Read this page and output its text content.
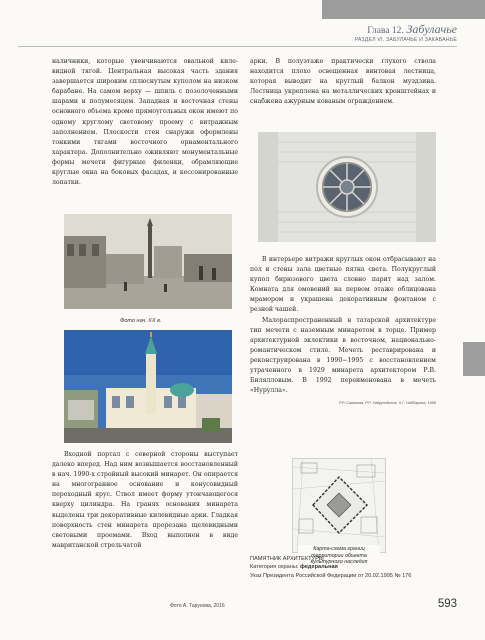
Глава 12. Забулачье
РАЗДЕЛ VI. ЗАБУЛАЧЬЕ И ЗАКАБАНЬЕ

наличники, которые увенчиваются овальной килевидной тягой. Центральная высокая часть здания завершается широким сплюснутым куполом на низком барабане. На самом верху — шпиль с позолоченными шарами и полумесяцем. Западная и восточная стены основного объема кроме прямоугольных окон имеют по одному круглому световому проему с витражным заполнением. Плоскости стен снаружи оформлены тонкими тягами восточного орнаментального характера. Дополнительно оживляют монументальные формы мечети фигурные филенки, обрамляющие круглые окна на боковых фасадах, и кессонированные лопатки.

Фото нач. XX в.

Входной портал с северной стороны выступает далеко вперед. Над ним возвышается восстановленный в нач. 1990-х стройный высокий минарет. Он опирается на многогранное основание и конусовидный переходный ярус. Ствол имеет форму утончающегося кверху цилиндра. На гранях основания минарета выделены три декоративные килевидные арки. Гладкая поверхность стен минарета прорезана щелевидными световыми проемами. Вход выполнен в виде мавританской стрельчатой

арки. В полуэтаже практически глухого ствола находится плохо освещенная винтовая лестница, которая выводит на круглый балкон муэдзина. Лестница укреплена на металлических кронштейнах и снабжена ажурным кованым ограждением.

В интерьере витражи круглых окон отбрасывают на пол и стены зала цветные пятна света. Полукруглый купол бирюзового цвета словно парит над залом. Комната для омовений на первом этаже облицована мрамором и украшена декоративным фонтаном с резной чашей.

Малораспространенный в татарской архитектуре тип мечети с наземным минаретом в торце. Пример архитектурной эклектики в восточном, национально-романтическом стиле. Мечеть реставрирована и реконструирована в 1990−1995 с восстановлением утраченного в 1929 минарета архитектором Р.В. Билялловым. В 1992 переименована в мечеть «Нурулла».

Р.Р. Салахова, Р.Р. Хайрутдинов, Х.Г. Наббарова, 1998
Карта-схема границ территории объекта культурного наследия
ПАМЯТНИК АРХИТЕКТУРЫ
Категория охраны: федеральная
Указ Президента Российской Федерации от 20.02.1995 № 176
Фото А. Тарунова, 2016	593
